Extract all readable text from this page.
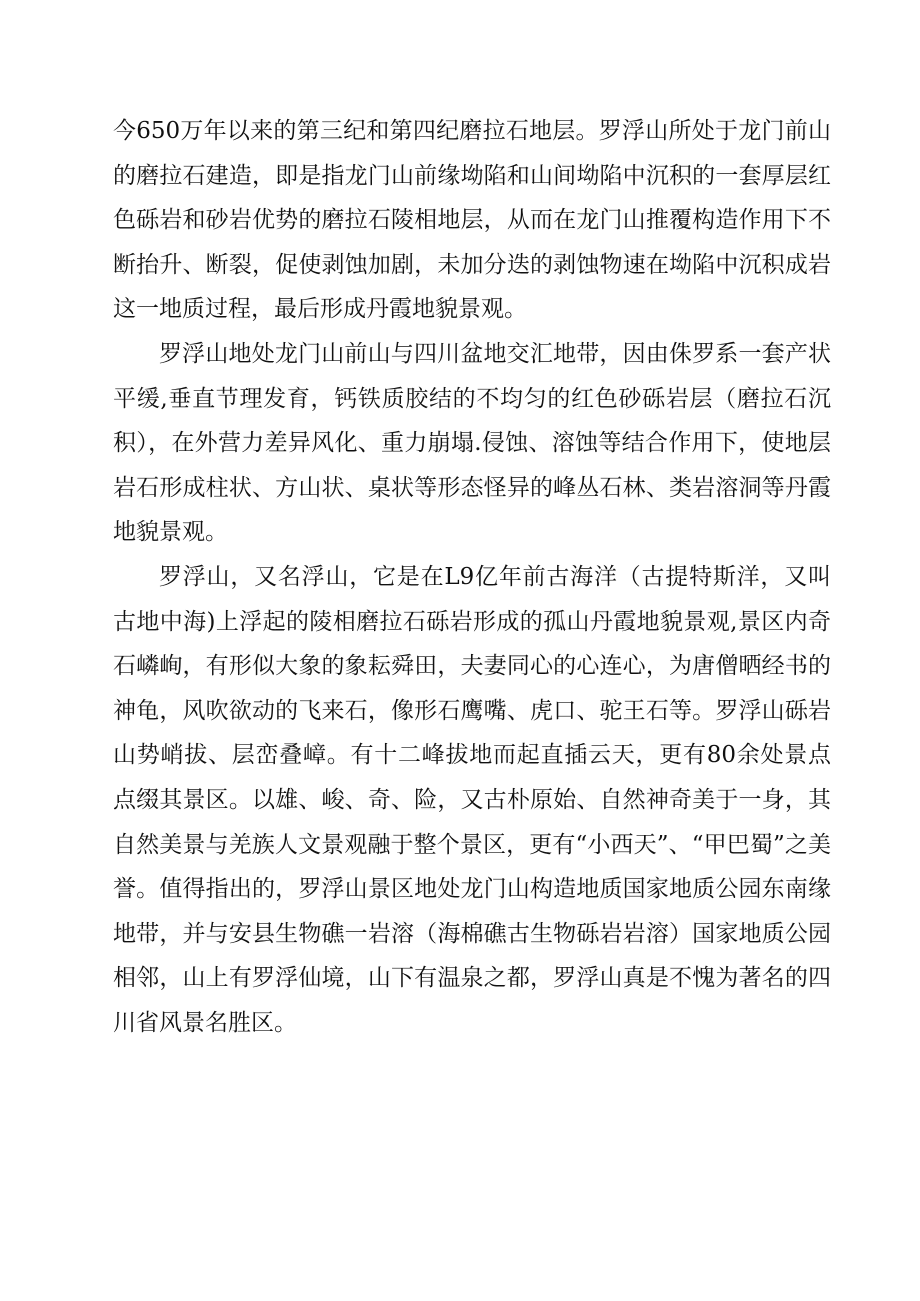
今650万年以来的第三纪和第四纪磨拉石地层。罗浮山所处于龙门前山的磨拉石建造，即是指龙门山前缘坳陷和山间坳陷中沉积的一套厚层红色砾岩和砂岩优势的磨拉石陵相地层，从而在龙门山推覆构造作用下不断抬升、断裂，促使剥蚀加剧，未加分迭的剥蚀物速在坳陷中沉积成岩这一地质过程，最后形成丹霞地貌景观。

罗浮山地处龙门山前山与四川盆地交汇地带，因由侏罗系一套产状平缓,垂直节理发育，钙铁质胶结的不均匀的红色砂砾岩层（磨拉石沉积），在外营力差异风化、重力崩塌.侵蚀、溶蚀等结合作用下，使地层岩石形成柱状、方山状、桌状等形态怪异的峰丛石林、类岩溶洞等丹霞地貌景观。

罗浮山，又名浮山，它是在L9亿年前古海洋（古提特斯洋，又叫古地中海)上浮起的陵相磨拉石砾岩形成的孤山丹霞地貌景观,景区内奇石嶙峋，有形似大象的象耘舜田，夫妻同心的心连心，为唐僧晒经书的神龟，风吹欲动的飞来石，像形石鹰嘴、虎口、驼王石等。罗浮山砾岩山势峭拔、层峦叠嶂。有十二峰拔地而起直插云天，更有80余处景点点缀其景区。以雄、峻、奇、险，又古朴原始、自然神奇美于一身，其自然美景与羌族人文景观融于整个景区，更有“小西天”、“甲巴蜀”之美誉。值得指出的，罗浮山景区地处龙门山构造地质国家地质公园东南缘地带，并与安县生物礁一岩溶（海棉礁古生物砾岩岩溶）国家地质公园相邻，山上有罗浮仙境，山下有温泉之都，罗浮山真是不愧为著名的四川省风景名胜区。
